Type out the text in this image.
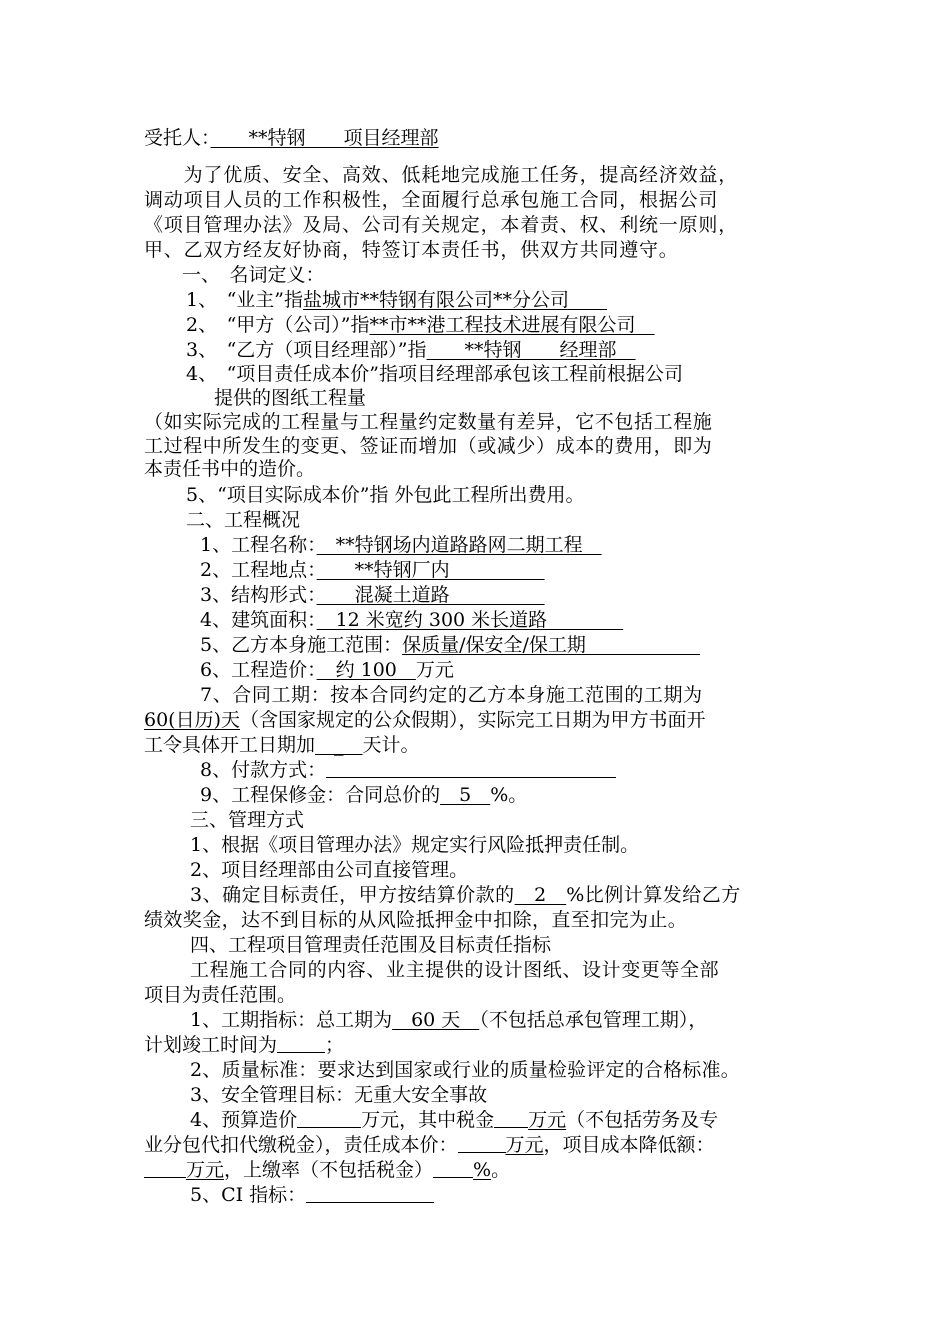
受托人：　　**特钢　　项目经理部
　　为了优质、安全、高效、低耗地完成施工任务，提高经济效益，
调动项目人员的工作积极性，全面履行总承包施工合同，根据公司
《项目管理办法》及局、公司有关规定，本着责、权、利统一原则，
甲、乙双方经友好协商，特签订本责任书，供双方共同遵守。
一、　名词定义：
1、　“业主”指盐城市**特钢有限公司**分公司　　
2、　“甲方（公司）”指**市**港工程技术进展有限公司　
3、　“乙方（项目经理部）”指　　**特钢　　经理部　
4、　“项目责任成本价”指项目经理部承包该工程前根据公司
提供的图纸工程量
（如实际完成的工程量与工程量约定数量有差异，它不包括工程施
工过程中所发生的变更、签证而增加（或减少）成本的费用，即为
本责任书中的造价。
5、“项目实际成本价”指 外包此工程所出费用。
二、工程概况
1、工程名称：　**特钢场内道路路网二期工程　
2、工程地点：　　**特钢厂内　　　　　
3、结构形式：　　混凝土道路　　　　　
4、建筑面积：　12 米宽约 300 米长道路　　　　
5、乙方本身施工范围：保质量/保安全/保工期　　　　　　
6、工程造价：　约 100　万元
7、合同工期：按本合同约定的乙方本身施工范围的工期为
60(日历)天（含国家规定的公众假期），实际完工日期为甲方书面开
工令具体开工日期加　_　天计。
8、付款方式：
9、工程保修金：合同总价的　5　%。
三、管理方式
1、根据《项目管理办法》规定实行风险抵押责任制。
2、项目经理部由公司直接管理。
3、确定目标责任，甲方按结算价款的　2　%比例计算发给乙方
绩效奖金，达不到目标的从风险抵押金中扣除，直至扣完为止。
四、工程项目管理责任范围及目标责任指标
工程施工合同的内容、业主提供的设计图纸、设计变更等全部
项目为责任范围。
1、工期指标：总工期为　60 天　（不包括总承包管理工期），
计划竣工时间为	；
2、质量标准：要求达到国家或行业的质量检验评定的合格标准。
3、安全管理目标：无重大安全事故
4、预算造价	万元，其中税金 万元（不包括劳务及专
业分包代扣代缴税金），责任成本价：	万元，项目成本降低额：
万元，上缴率（不包括税金） %。
5、CI 指标：
